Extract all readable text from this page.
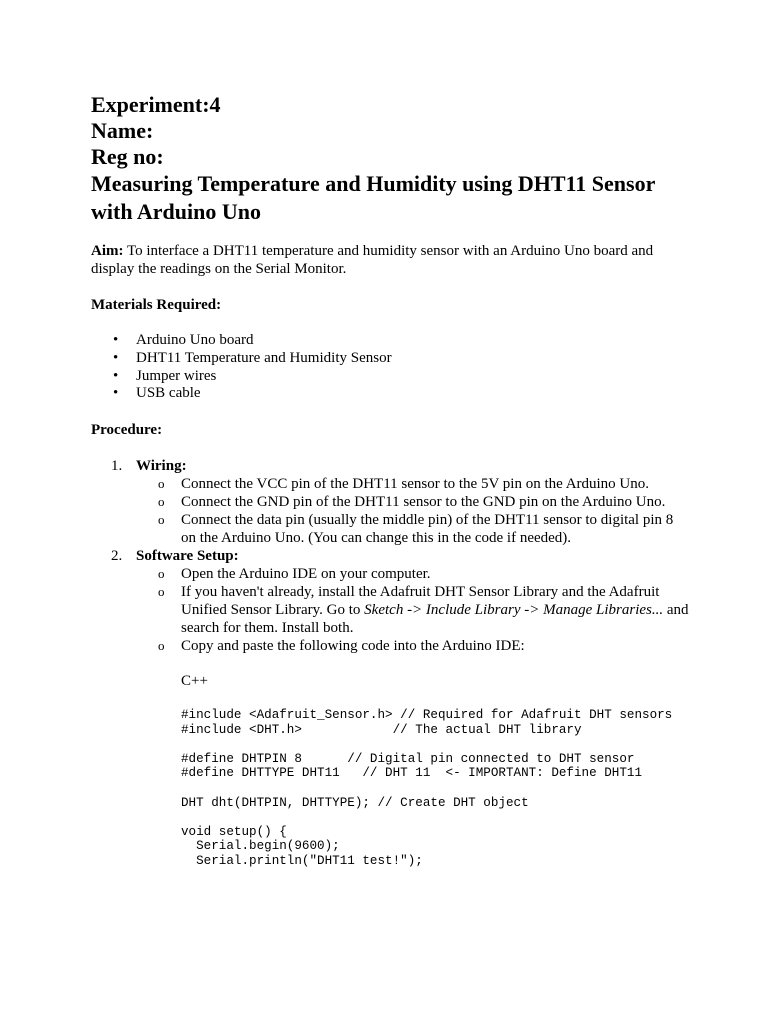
Experiment:4
Name:
Reg no:
Measuring Temperature and Humidity using DHT11 Sensor with Arduino Uno

Aim: To interface a DHT11 temperature and humidity sensor with an Arduino Uno board and display the readings on the Serial Monitor.

Materials Required:

• Arduino Uno board
• DHT11 Temperature and Humidity Sensor
• Jumper wires
• USB cable

Procedure:

1. Wiring:
o Connect the VCC pin of the DHT11 sensor to the 5V pin on the Arduino Uno.
o Connect the GND pin of the DHT11 sensor to the GND pin on the Arduino Uno.
o Connect the data pin (usually the middle pin) of the DHT11 sensor to digital pin 8 on the Arduino Uno. (You can change this in the code if needed).
2. Software Setup:
o Open the Arduino IDE on your computer.
o If you haven't already, install the Adafruit DHT Sensor Library and the Adafruit Unified Sensor Library. Go to Sketch -> Include Library -> Manage Libraries... and search for them. Install both.
o Copy and paste the following code into the Arduino IDE:
C++
#include <Adafruit_Sensor.h> // Required for Adafruit DHT sensors
#include <DHT.h>            // The actual DHT library

#define DHTPIN 8      // Digital pin connected to DHT sensor
#define DHTTYPE DHT11   // DHT 11  <- IMPORTANT: Define DHT11

DHT dht(DHTPIN, DHTTYPE); // Create DHT object

void setup() {
Serial.begin(9600);
Serial.println("DHT11 test!");
